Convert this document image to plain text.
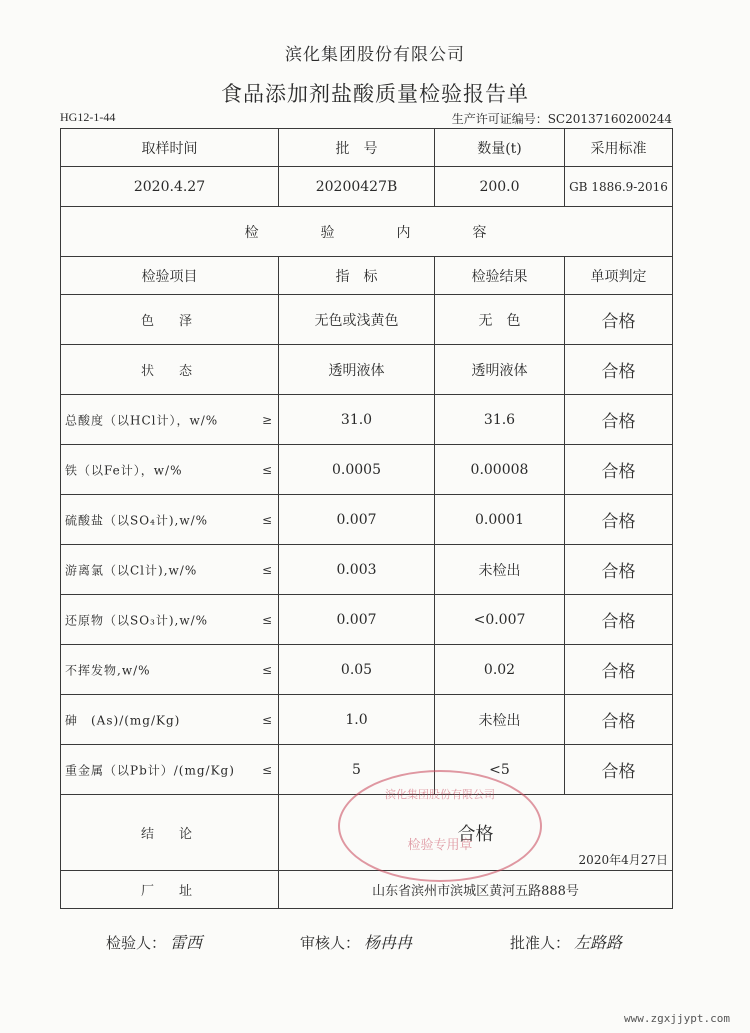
滨化集团股份有限公司
食品添加剂盐酸质量检验报告单
HG12-1-44	生产许可证编号：SC20137160200244
取样时间	批　号	数量(t)	采用标准
2020.4.27	20200427B	200.0	GB 1886.9-2016
检 验 内 容			
检验项目	指　标	检验结果	单项判定
色　泽	无色或浅黄色	无　色	合格
状　态	透明液体	透明液体	合格

总酸度（以HCl计），w/% ≥	31.0	31.6	合格

铁（以Fe计），w/% ≤	0.0005	0.00008	合格

硫酸盐（以SO₄计),w/% ≤	0.007	0.0001	合格

游离氯（以Cl计),w/% ≤	0.003	未检出	合格

还原物（以SO₃计),w/% ≤	0.007	<0.007	合格

不挥发物,w/% ≤	0.05	0.02	合格

砷　(As)/(mg/Kg) ≤	1.0	未检出	合格

重金属（以Pb计）/(mg/Kg) ≤	5	<5	合格
结　论	合格
2020年4月27日		

厂　址	山东省滨州市滨城区黄河五路888号		
滨化集团股份有限公司
检验专用章
检验人： 雷西	审核人： 杨冉冉	批准人： 左路路
www.zgxjjypt.com
